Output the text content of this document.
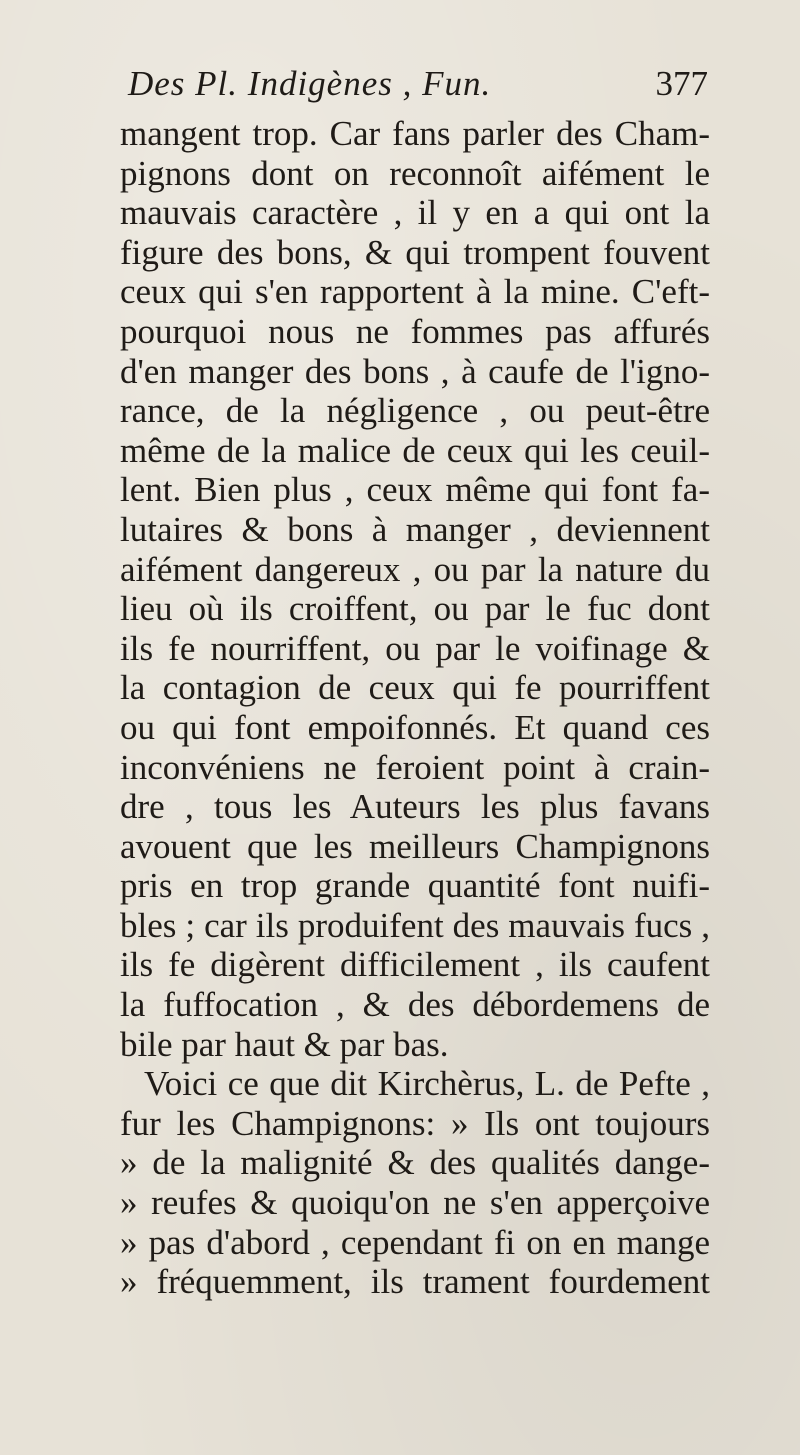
Des Pl. Indigènes , Fun.	377
mangent trop. Car fans parler des Cham-
pignons dont on reconnoît aifément le
mauvais caractère , il y en a qui ont la
figure des bons, & qui trompent fouvent
ceux qui s'en rapportent à la mine. C'eft-
pourquoi nous ne fommes pas affurés
d'en manger des bons , à caufe de l'igno-
rance, de la négligence , ou peut-être
même de la malice de ceux qui les ceuil-
lent. Bien plus , ceux même qui font fa-
lutaires & bons à manger , deviennent
aifément dangereux , ou par la nature du
lieu où ils croiffent, ou par le fuc dont
ils fe nourriffent, ou par le voifinage &
la contagion de ceux qui fe pourriffent
ou qui font empoifonnés. Et quand ces
inconvéniens ne feroient point à crain-
dre , tous les Auteurs les plus favans
avouent que les meilleurs Champignons
pris en trop grande quantité font nuifi-
bles ; car ils produifent des mauvais fucs ,
ils fe digèrent difficilement , ils caufent
la fuffocation , & des débordemens de
bile par haut & par bas.
Voici ce que dit Kirchèrus, L. de Pefte ,
fur les Champignons: » Ils ont toujours
» de la malignité & des qualités dange-
» reufes & quoiqu'on ne s'en apperçoive
» pas d'abord , cependant fi on en mange
» fréquemment, ils trament fourdement
